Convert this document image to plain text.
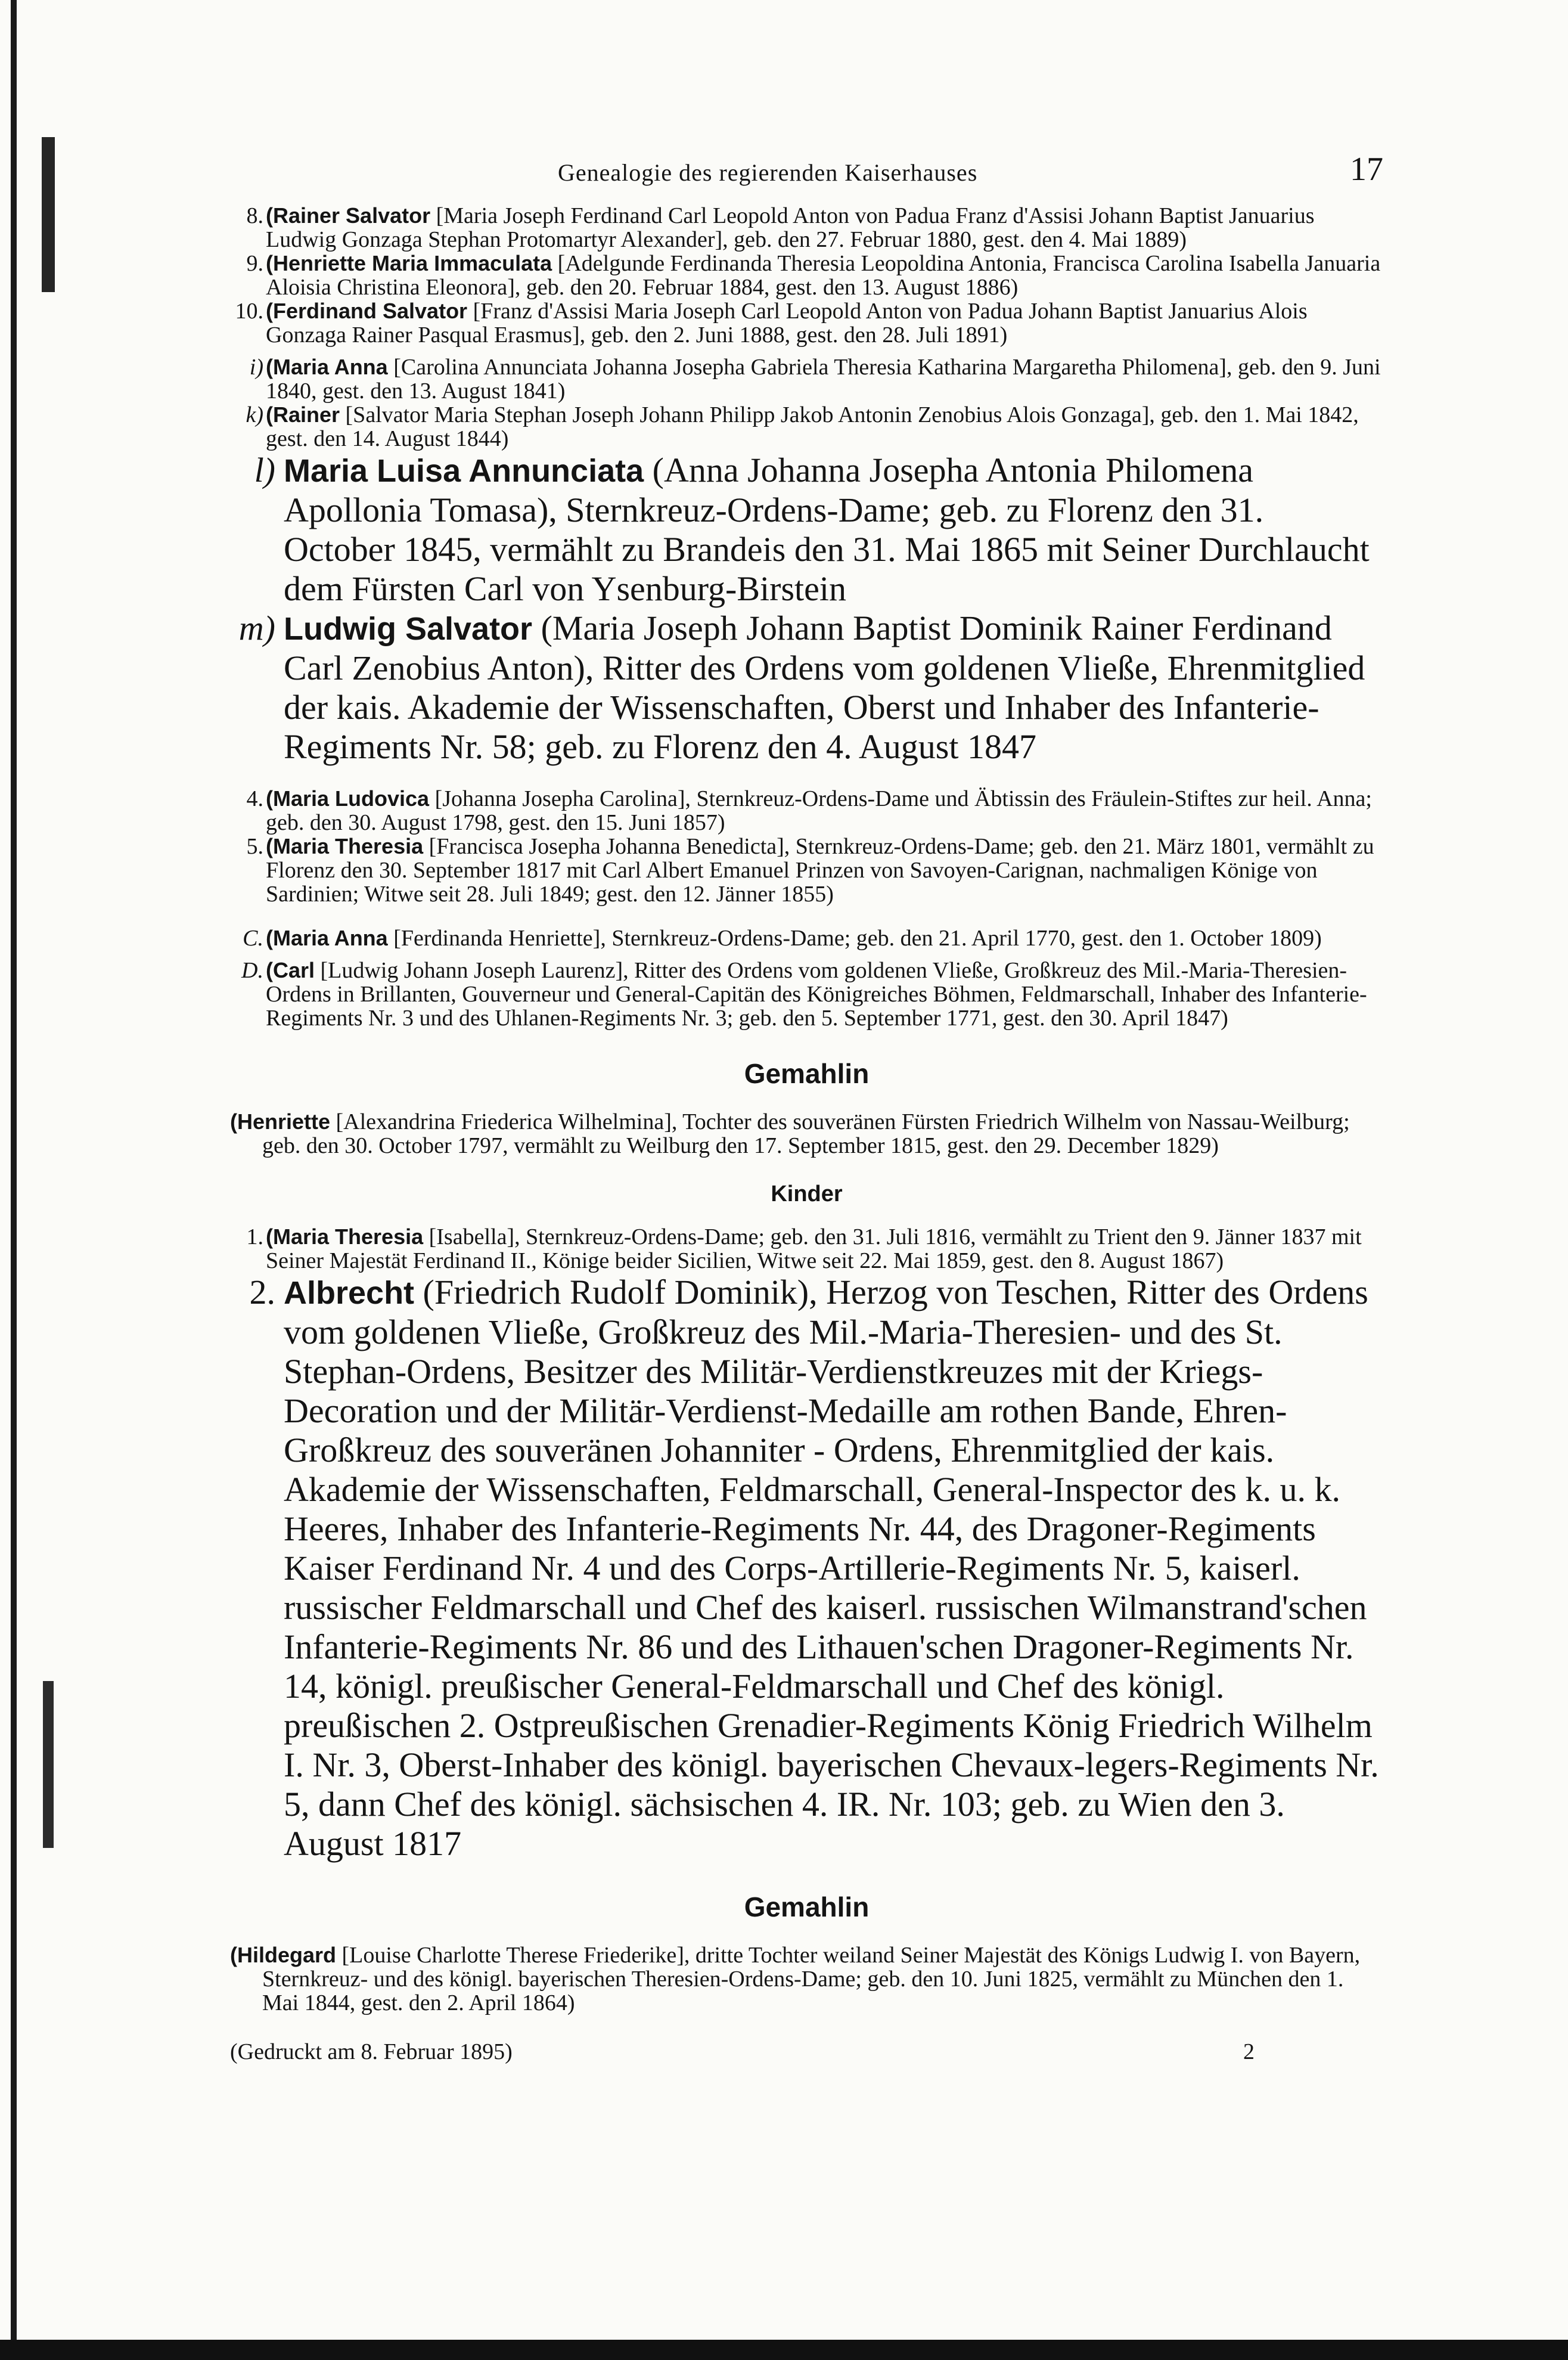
Genealogie des regierenden Kaiserhauses	17
8. (Rainer Salvator [Maria Joseph Ferdinand Carl Leopold Anton von Padua Franz d'Assisi Johann Baptist Januarius Ludwig Gonzaga Stephan Protomartyr Alexander], geb. den 27. Februar 1880, gest. den 4. Mai 1889)
9. (Henriette Maria Immaculata [Adelgunde Ferdinanda Theresia Leopoldina Antonia, Francisca Carolina Isabella Januaria Aloisia Christina Eleonora], geb. den 20. Februar 1884, gest. den 13. August 1886)
10. (Ferdinand Salvator [Franz d'Assisi Maria Joseph Carl Leopold Anton von Padua Johann Baptist Januarius Alois Gonzaga Rainer Pasqual Erasmus], geb. den 2. Juni 1888, gest. den 28. Juli 1891)
i) (Maria Anna [Carolina Annunciata Johanna Josepha Gabriela Theresia Katharina Margaretha Philomena], geb. den 9. Juni 1840, gest. den 13. August 1841)
k) (Rainer [Salvator Maria Stephan Joseph Johann Philipp Jakob Antonin Zenobius Alois Gonzaga], geb. den 1. Mai 1842, gest. den 14. August 1844)
l) Maria Luisa Annunciata (Anna Johanna Josepha Antonia Philomena Apollonia Tomasa), Sternkreuz-Ordens-Dame; geb. zu Florenz den 31. October 1845, vermählt zu Brandeis den 31. Mai 1865 mit Seiner Durchlaucht dem Fürsten Carl von Ysenburg-Birstein
m) Ludwig Salvator (Maria Joseph Johann Baptist Dominik Rainer Ferdinand Carl Zenobius Anton), Ritter des Ordens vom goldenen Vließe, Ehrenmitglied der kais. Akademie der Wissenschaften, Oberst und Inhaber des Infanterie-Regiments Nr. 58; geb. zu Florenz den 4. August 1847
4. (Maria Ludovica [Johanna Josepha Carolina], Sternkreuz-Ordens-Dame und Äbtissin des Fräulein-Stiftes zur heil. Anna; geb. den 30. August 1798, gest. den 15. Juni 1857)
5. (Maria Theresia [Francisca Josepha Johanna Benedicta], Sternkreuz-Ordens-Dame; geb. den 21. März 1801, vermählt zu Florenz den 30. September 1817 mit Carl Albert Emanuel Prinzen von Savoyen-Carignan, nachmaligen Könige von Sardinien; Witwe seit 28. Juli 1849; gest. den 12. Jänner 1855)
C. (Maria Anna [Ferdinanda Henriette], Sternkreuz-Ordens-Dame; geb. den 21. April 1770, gest. den 1. October 1809)
D. (Carl [Ludwig Johann Joseph Laurenz], Ritter des Ordens vom goldenen Vließe, Großkreuz des Mil.-Maria-Theresien-Ordens in Brillanten, Gouverneur und General-Capitän des Königreiches Böhmen, Feldmarschall, Inhaber des Infanterie-Regiments Nr. 3 und des Uhlanen-Regiments Nr. 3; geb. den 5. September 1771, gest. den 30. April 1847)
Gemahlin
(Henriette [Alexandrina Friederica Wilhelmina], Tochter des souveränen Fürsten Friedrich Wilhelm von Nassau-Weilburg; geb. den 30. October 1797, vermählt zu Weilburg den 17. September 1815, gest. den 29. December 1829)
Kinder
1. (Maria Theresia [Isabella], Sternkreuz-Ordens-Dame; geb. den 31. Juli 1816, vermählt zu Trient den 9. Jänner 1837 mit Seiner Majestät Ferdinand II., Könige beider Sicilien, Witwe seit 22. Mai 1859, gest. den 8. August 1867)
2. Albrecht (Friedrich Rudolf Dominik), Herzog von Teschen, Ritter des Ordens vom goldenen Vließe, Großkreuz des Mil.-Maria-Theresien- und des St. Stephan-Ordens, Besitzer des Militär-Verdienstkreuzes mit der Kriegs-Decoration und der Militär-Verdienst-Medaille am rothen Bande, Ehren-Großkreuz des souveränen Johanniter - Ordens, Ehrenmitglied der kais. Akademie der Wissenschaften, Feldmarschall, General-Inspector des k. u. k. Heeres, Inhaber des Infanterie-Regiments Nr. 44, des Dragoner-Regiments Kaiser Ferdinand Nr. 4 und des Corps-Artillerie-Regiments Nr. 5, kaiserl. russischer Feldmarschall und Chef des kaiserl. russischen Wilmanstrand'schen Infanterie-Regiments Nr. 86 und des Lithauen'schen Dragoner-Regiments Nr. 14, königl. preußischer General-Feldmarschall und Chef des königl. preußischen 2. Ostpreußischen Grenadier-Regiments König Friedrich Wilhelm I. Nr. 3, Oberst-Inhaber des königl. bayerischen Chevaux-legers-Regiments Nr. 5, dann Chef des königl. sächsischen 4. IR. Nr. 103; geb. zu Wien den 3. August 1817
Gemahlin
(Hildegard [Louise Charlotte Therese Friederike], dritte Tochter weiland Seiner Majestät des Königs Ludwig I. von Bayern, Sternkreuz- und des königl. bayerischen Theresien-Ordens-Dame; geb. den 10. Juni 1825, vermählt zu München den 1. Mai 1844, gest. den 2. April 1864)
(Gedruckt am 8. Februar 1895)	2
